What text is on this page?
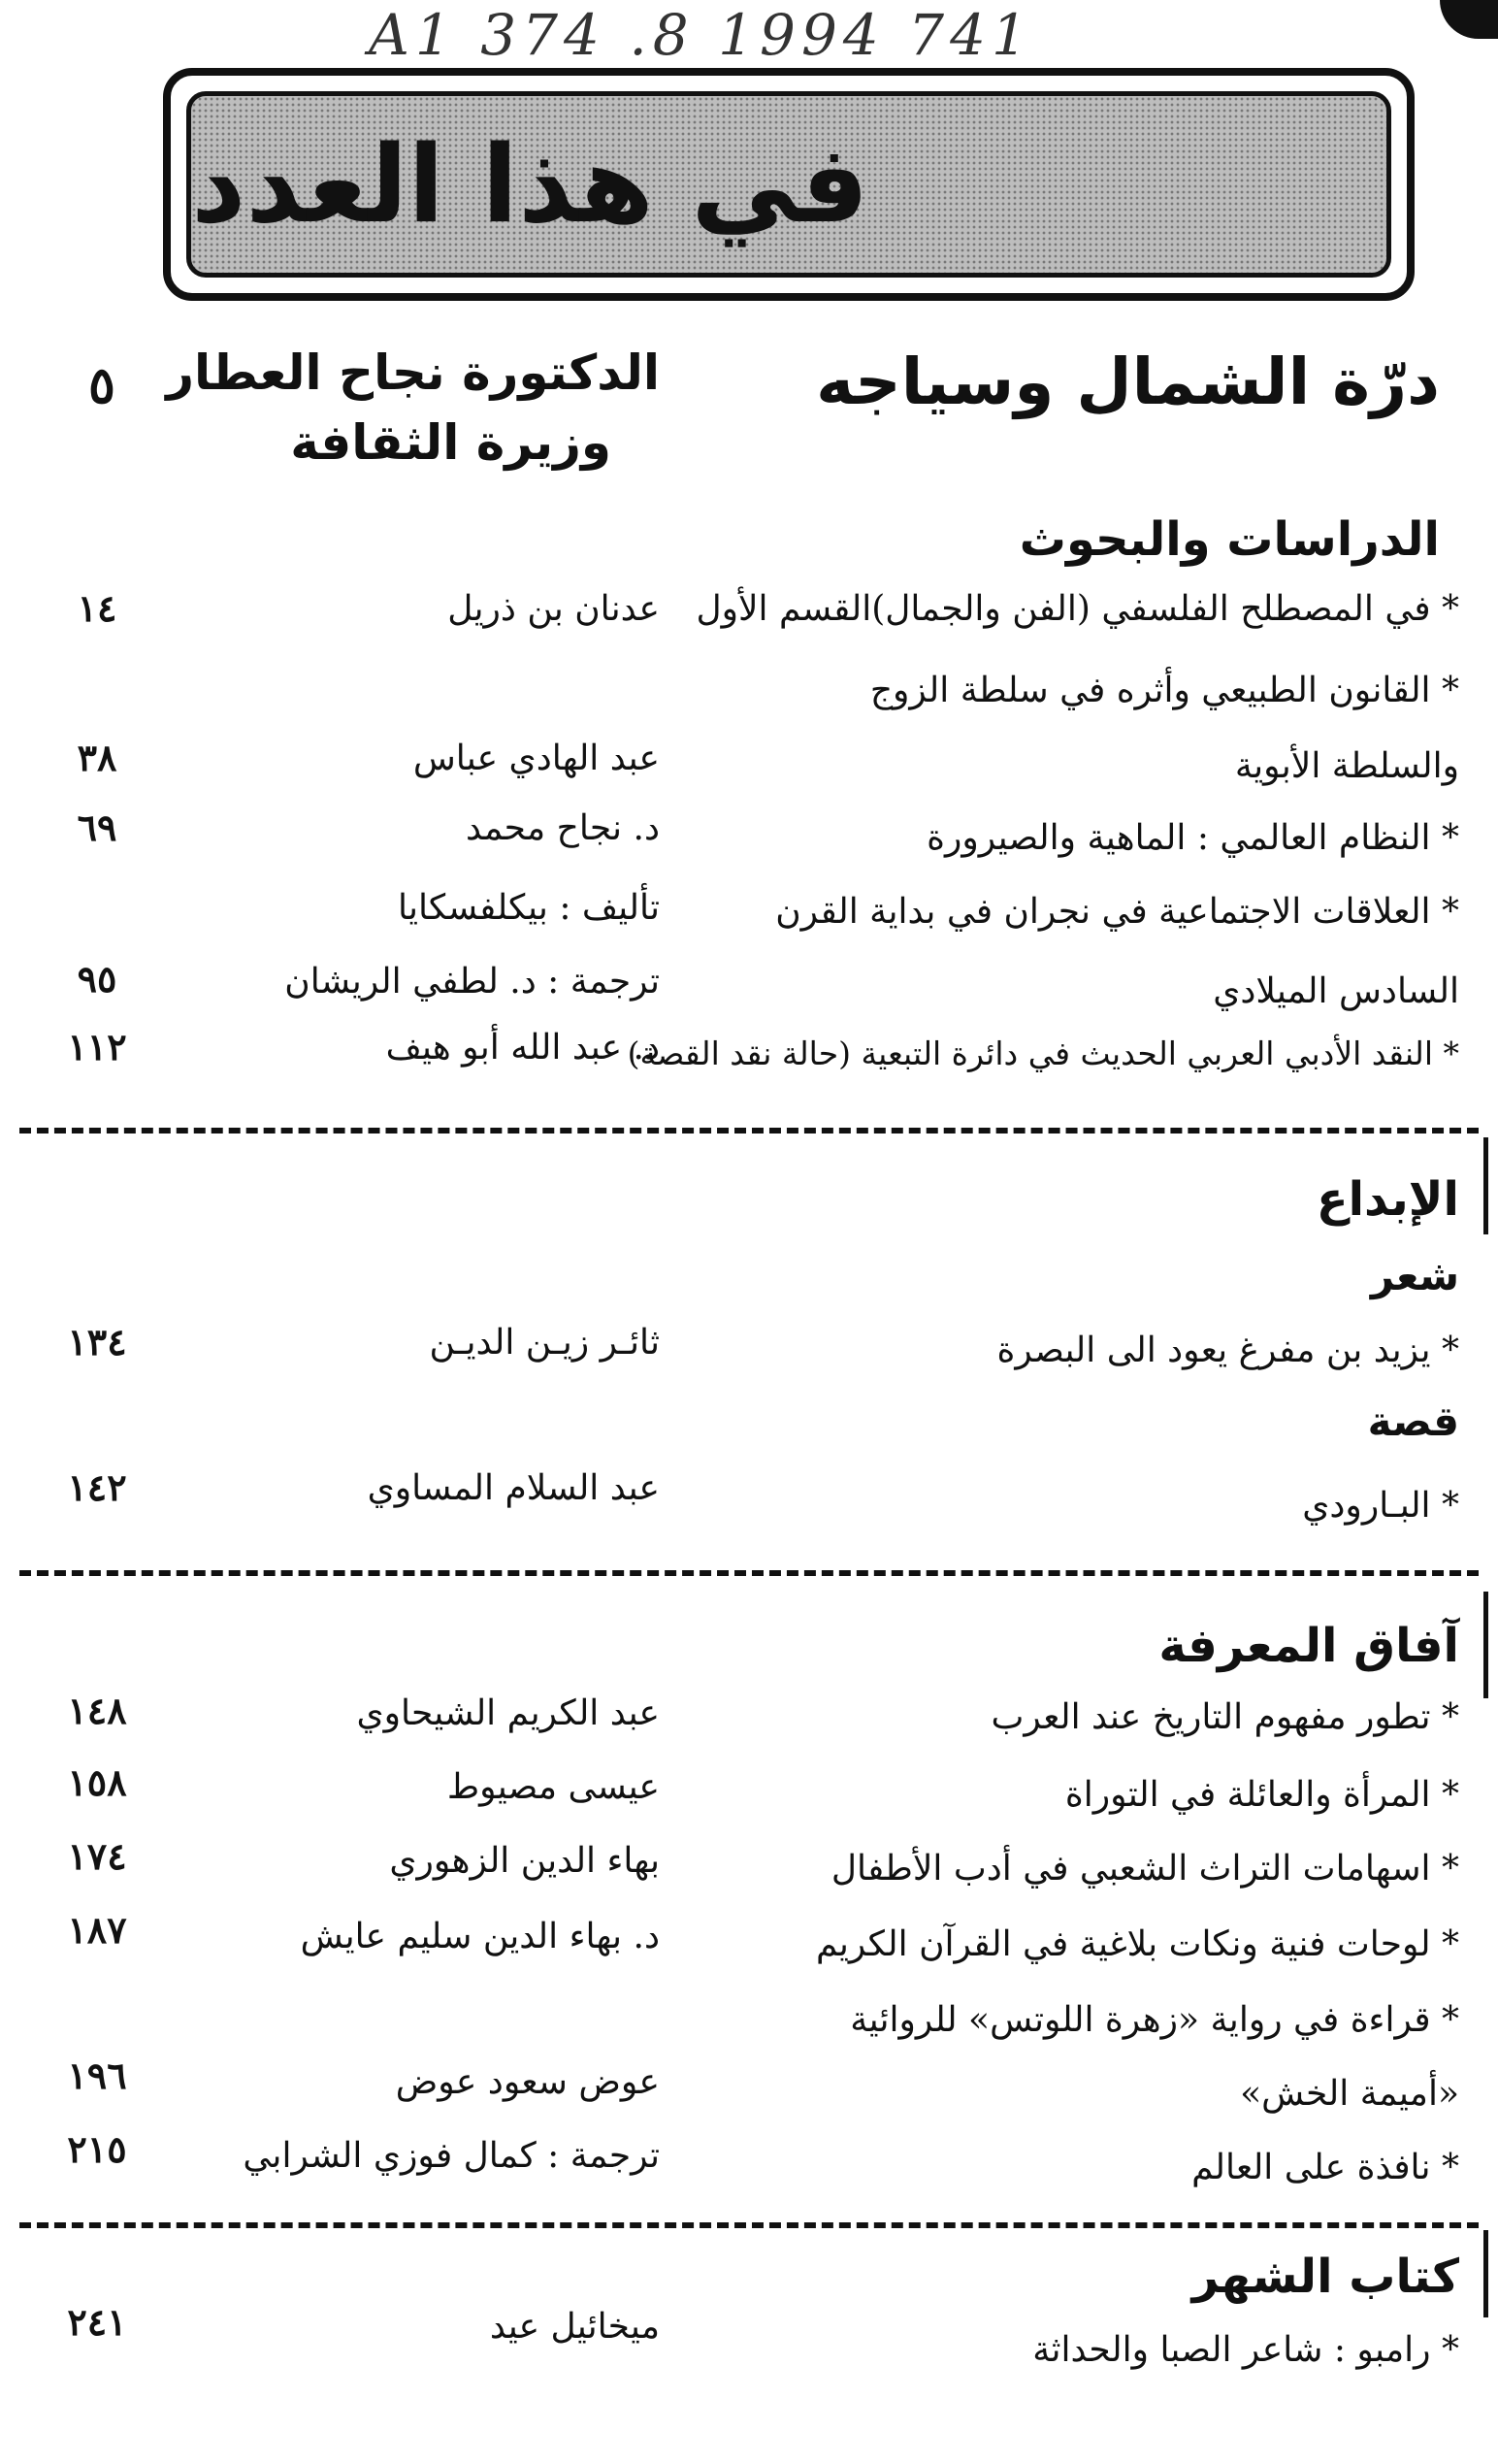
A1 374 .8 1994 741
في هذا العدد
درّة الشمال وسياجه
٥	الدكتورة نجاح العطار
وزيرة الثقافة
الدراسات والبحوث
* في المصطلح الفلسفي (الفن والجمال)القسم الأول
عدنان بن ذريل
١٤
* القانون الطبيعي وأثره في سلطة الزوج
والسلطة الأبوية
عبد الهادي عباس
٣٨
* النظام العالمي : الماهية والصيرورة
د. نجاح محمد
٦٩
* العلاقات الاجتماعية في نجران في بداية القرن
تأليف : بيكلفسكايا
السادس الميلادي
ترجمة : د. لطفي الريشان
٩٥
* النقد الأدبي العربي الحديث في دائرة التبعية (حالة نقد القصة)
د. عبد الله أبو هيف
١١٢
الإبداع
شعر
* يزيد بن مفرغ يعود الى البصرة
ثائـر زيـن الديـن
١٣٤
قصة
* البـارودي
عبد السلام المساوي
١٤٢
آفاق المعرفة
* تطور مفهوم التاريخ عند العرب
عبد الكريم الشيحاوي
١٤٨
* المرأة والعائلة في التوراة
عيسى مصيوط
١٥٨
* اسهامات التراث الشعبي في أدب الأطفال
بهاء الدين الزهوري
١٧٤
* لوحات فنية ونكات بلاغية في القرآن الكريم
د. بهاء الدين سليم عايش
١٨٧
* قراءة في رواية «زهرة اللوتس» للروائية
«أميمة الخش»
عوض سعود عوض
١٩٦
* نافذة على العالم
ترجمة : كمال فوزي الشرابي
٢١٥
كتاب الشهر
* رامبو : شاعر الصبا والحداثة
ميخائيل عيد
٢٤١
